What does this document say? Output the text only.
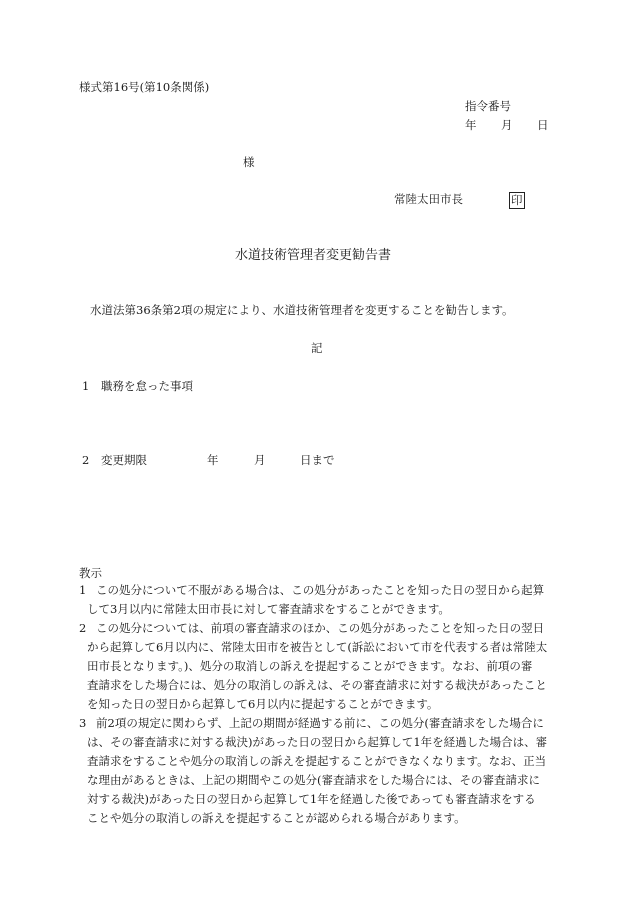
様式第16号(第10条関係)
指令番号
年 月 日
様
常陸太田市長	印
水道技術管理者変更勧告書
水道法第36条第2項の規定により、水道技術管理者を変更することを勧告します。
記
1 職務を怠った事項
2 変更期限	年	月	日まで
教示
1 この処分について不服がある場合は、この処分があったことを知った日の翌日から起算
して3月以内に常陸太田市長に対して審査請求をすることができます。
2 この処分については、前項の審査請求のほか、この処分があったことを知った日の翌日
から起算して6月以内に、常陸太田市を被告として(訴訟において市を代表する者は常陸太
田市長となります。)、処分の取消しの訴えを提起することができます。なお、前項の審
査請求をした場合には、処分の取消しの訴えは、その審査請求に対する裁決があったこと
を知った日の翌日から起算して6月以内に提起することができます。
3 前2項の規定に関わらず、上記の期間が経過する前に、この処分(審査請求をした場合に
は、その審査請求に対する裁決)があった日の翌日から起算して1年を経過した場合は、審
査請求をすることや処分の取消しの訴えを提起することができなくなります。なお、正当
な理由があるときは、上記の期間やこの処分(審査請求をした場合には、その審査請求に
対する裁決)があった日の翌日から起算して1年を経過した後であっても審査請求をする
ことや処分の取消しの訴えを提起することが認められる場合があります。
